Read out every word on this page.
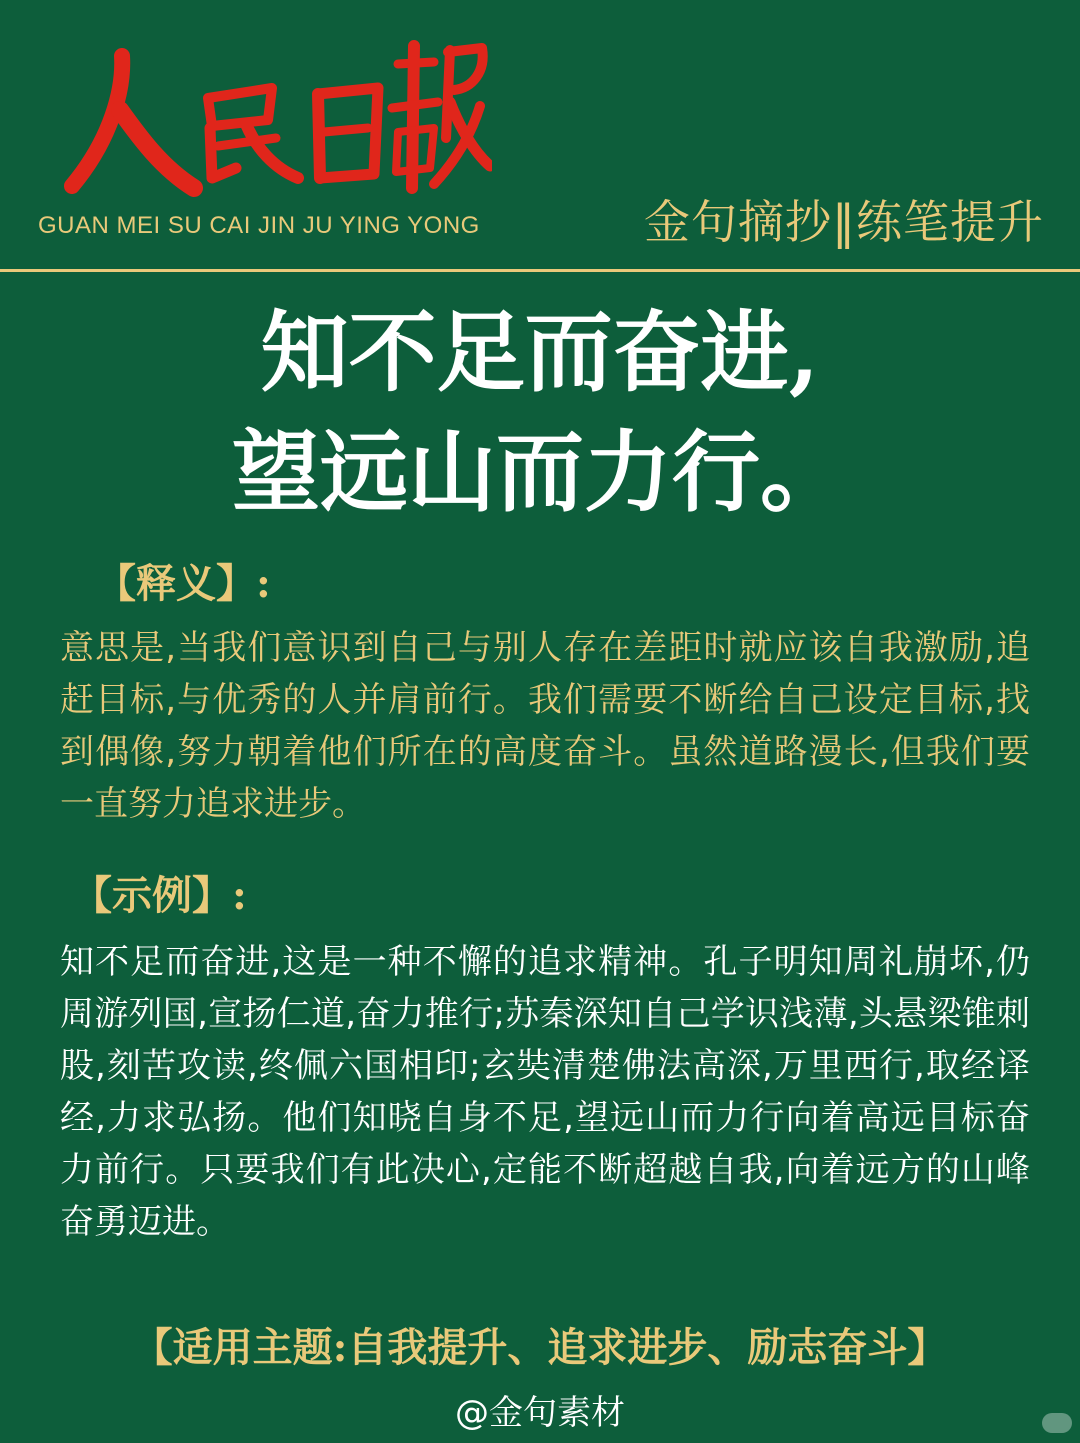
GUAN MEI SU CAI JIN JU YING YONG	金句摘抄‖练笔提升
知不足而奋进,
望远山而力行。
【释义】:

意思是,当我们意识到自己与别人存在差距时就应该自我激励,追赶目标,与优秀的人并肩前行。我们需要不断给自己设定目标,找到偶像,努力朝着他们所在的高度奋斗。虽然道路漫长,但我们要一直努力追求进步。

【示例】:

知不足而奋进,这是一种不懈的追求精神。孔子明知周礼崩坏,仍周游列国,宣扬仁道,奋力推行;苏秦深知自己学识浅薄,头悬梁锥刺股,刻苦攻读,终佩六国相印;玄奘清楚佛法高深,万里西行,取经译经,力求弘扬。他们知晓自身不足,望远山而力行向着高远目标奋力前行。只要我们有此决心,定能不断超越自我,向着远方的山峰奋勇迈进。

【适用主题:自我提升、追求进步、励志奋斗】
@金句素材
